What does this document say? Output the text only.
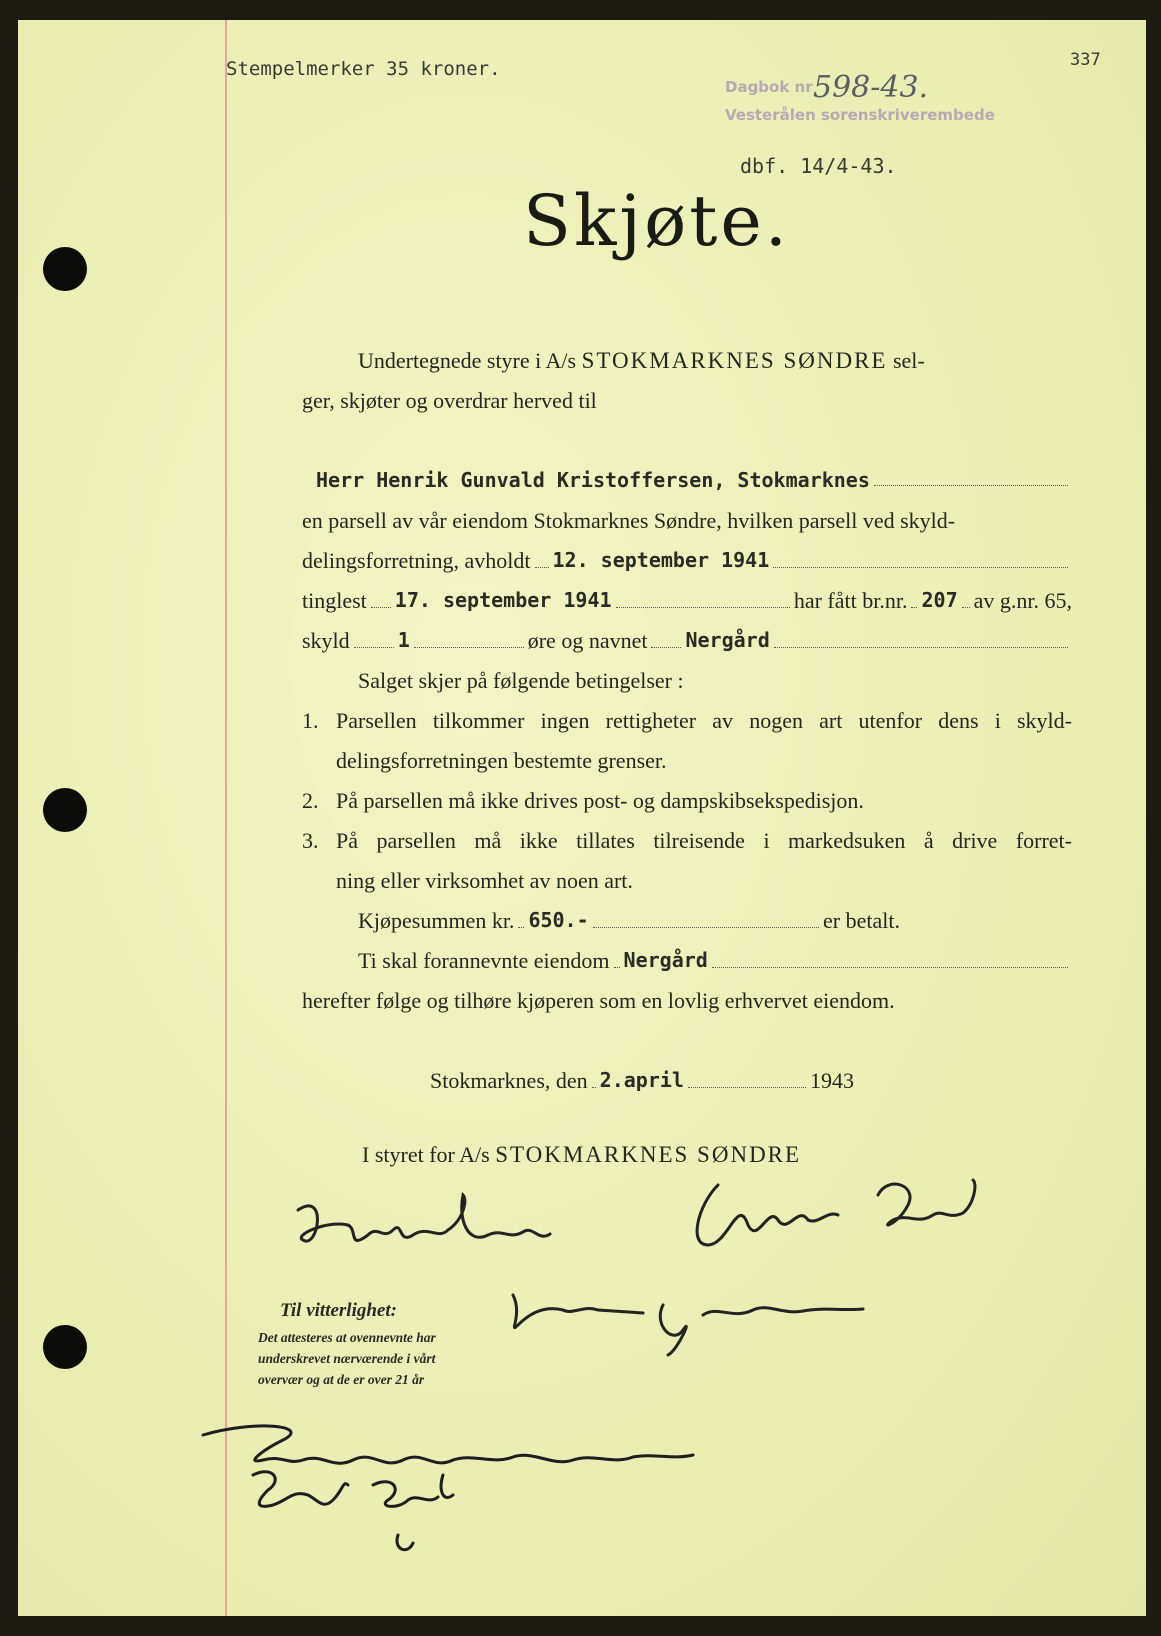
Stempelmerker 35 kroner.	337
Dagbok nr 598-43.
Vesterålen sorenskriverembede
dbf. 14/4-43.
Skjøte.
Undertegnede styre i A/s STOKMARKNES SØNDRE sel-
ger, skjøter og overdrar herved til
Herr Henrik Gunvald Kristoffersen, Stokmarknes
en parsell av vår eiendom Stokmarknes Søndre, hvilken parsell ved skyld-
delingsforretning, avholdt 12. september 1941
tinglest 17. september 1941	har fått br.nr. 207 av g.nr. 65,
skyld 1	øre og navnet Nergård
Salget skjer på følgende betingelser :
1. Parsellen tilkommer ingen rettigheter av nogen art utenfor dens i skyld-
delingsforretningen bestemte grenser.
2. På parsellen må ikke drives post- og dampskibsekspedisjon.
3. På parsellen må ikke tillates tilreisende i markedsuken å drive forret-
ning eller virksomhet av noen art.
Kjøpesummen kr. 650.-	er betalt.
Ti skal forannevnte eiendom Nergård
herefter følge og tilhøre kjøperen som en lovlig erhvervet eiendom.
Stokmarknes, den 2.april	1943
I styret for A/s STOKMARKNES SØNDRE
Til vitterlighet:
Det attesteres at ovennevnte har
underskrevet nærværende i vårt
overvær og at de er over 21 år
